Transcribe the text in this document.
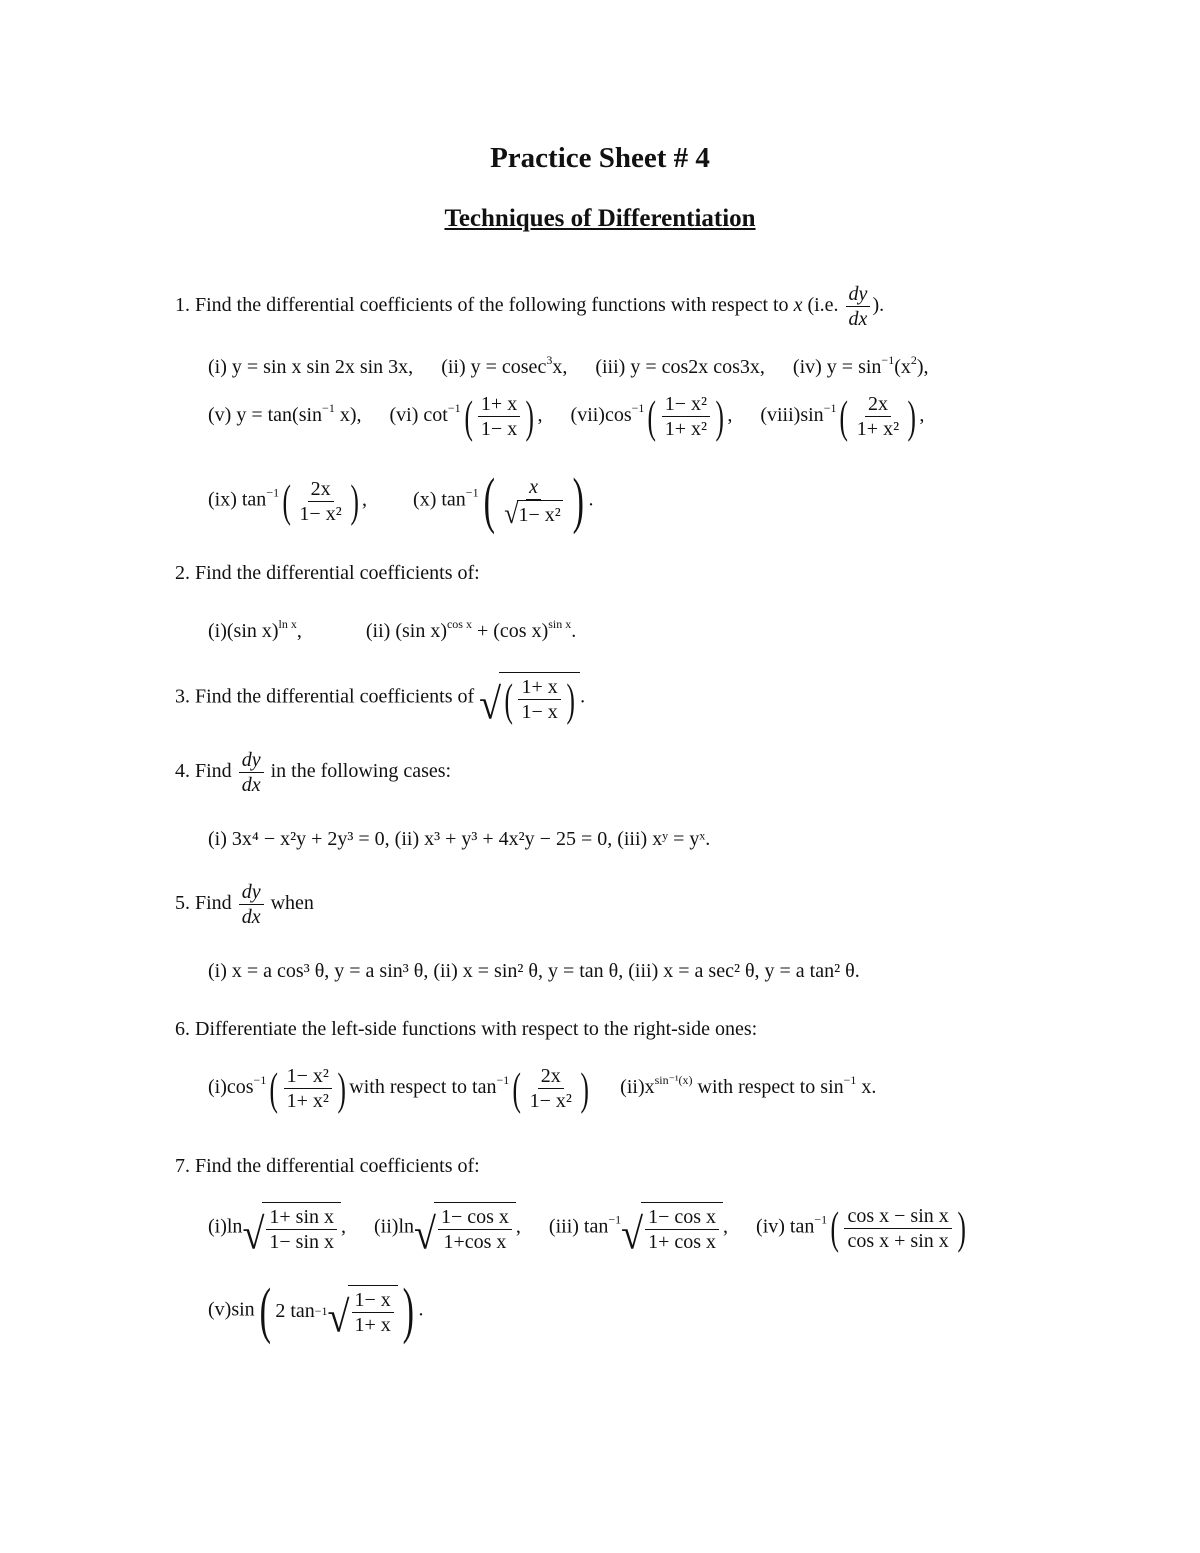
Practice Sheet # 4
Techniques of Differentiation
1. Find the differential coefficients of the following functions with respect to x (i.e. $\frac{dy}{dx}$ ).
(i) y = sin x sin 2x sin 3x, (ii) y = cosec$^3$x, (iii) y = cos2x cos3x, (iv) $y = \sin^{-1}(x^2)$,
(v) $y = \tan(\sin^{-1}$ x), (vi) $\cot^{-1}$ ( $\frac{1+ x}{1- x}$ ) ,  $(vii)\cos^{-1}$ ( $\frac{\text{1− x²}}{\text{1+ x²}}$ ) ,  $(viii)\sin^{-1}$ ( $\frac{2x}{\text{1+ x²}}$ ) ,
(ix) $\tan^{-1}$ ( $\frac{2x}{\text{1− x²}}$ ) ,  (x) $\tan^{-1}$ ( $\frac{x}{\text{√ 1− x²}}$ ) .
2. Find the differential coefficients of:
(i)(sin x)$^{ln x}$,	(ii) (sin x)$^{cos x}$ + (cos x)$^{sin x}$.
3. Find the differential coefficients of √ ( $\frac{1+ x}{1- x}$ ) .
4. Find $\frac{dy}{dx}$ in the following cases:
(i) 3x⁴ − x²y + 2y³ = 0, (ii) x³ + y³ + 4x²y − 25 = 0, (iii) xʸ = yˣ.
5. Find $\frac{dy}{dx}$ when
(i) x = a cos³ θ, y = a sin³ θ, (ii) x = sin² θ, y = tan θ, (iii) x = a sec² θ, y = a tan² θ.
6. Differentiate the left-side functions with respect to the right-side ones:
$(i)\cos^{-1}$ ( $\frac{\text{1− x²}}{\text{1+ x²}}$ ) with respect to $\tan^{-1}$ ( $\frac{2x}{\text{1− x²}}$ ) $(ii)x^{sin^{-1}(x)}$ with respect to $\sin^{-1} x$.
7. Find the differential coefficients of:
(i)ln √ $\frac{\text{1+ sin x}}{\text{1− sin x}}$ ,  (ii)ln √ $\frac{\text{1− cos x}}{\text{1+cos x}}$ ,  (iii) $\tan^{-1}$ √ $\frac{\text{1− cos x}}{\text{1+ cos x}}$ ,  (iv) $\tan^{-1}$ ( $\frac{\text{cos x − sin x}}{\text{cos x + sin x}}$ )
(v)sin ( 2 tan −1 √ $\frac{1- x}{1+ x}$ ) .
